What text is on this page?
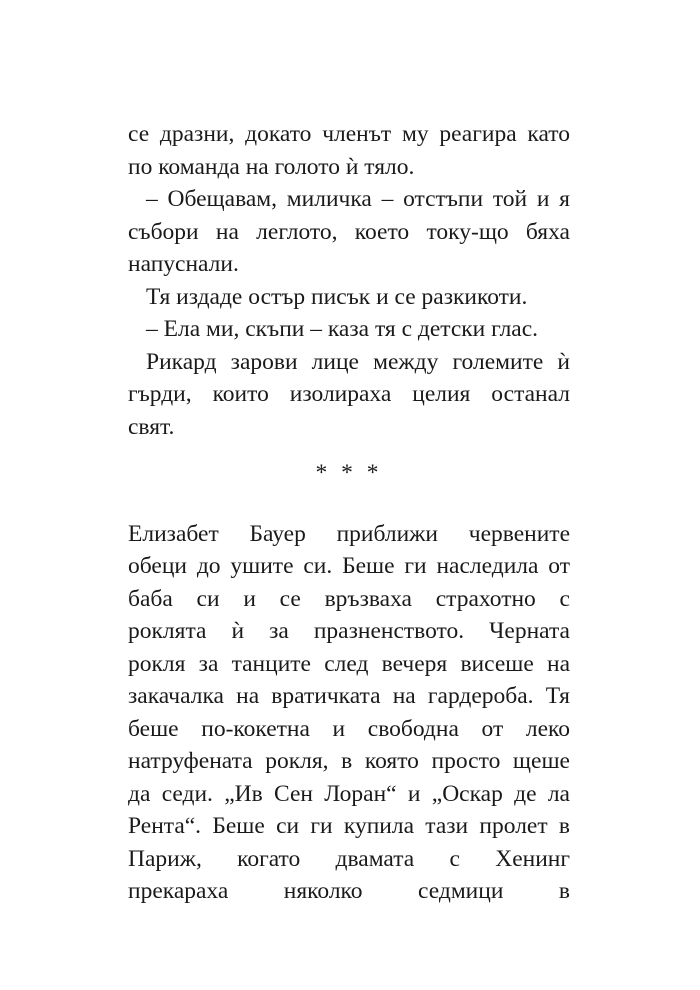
се дразни, докато членът му реагира като
по команда на голото ѝ тяло.
– Обещавам, миличка – отстъпи той и я
събори на леглото, което току-що бяха
напуснали.
Тя издаде остър писък и се разкикоти.
– Ела ми, скъпи – каза тя с детски глас.
Рикард зарови лице между големите ѝ
гърди, които изолираха целия останал
свят.
* * *
Елизабет Бауер приближи червените
обеци до ушите си. Беше ги наследила от
баба си и се връзваха страхотно с
роклята ѝ за празненството. Черната
рокля за танците след вечеря висеше на
закачалка на вратичката на гардероба. Тя
беше по-кокетна и свободна от леко
натруфената рокля, в която просто щеше
да седи. „Ив Сен Лоран“ и „Оскар де ла
Рента“. Беше си ги купила тази пролет в
Париж, когато двамата с Хенинг
прекараха няколко седмици в
